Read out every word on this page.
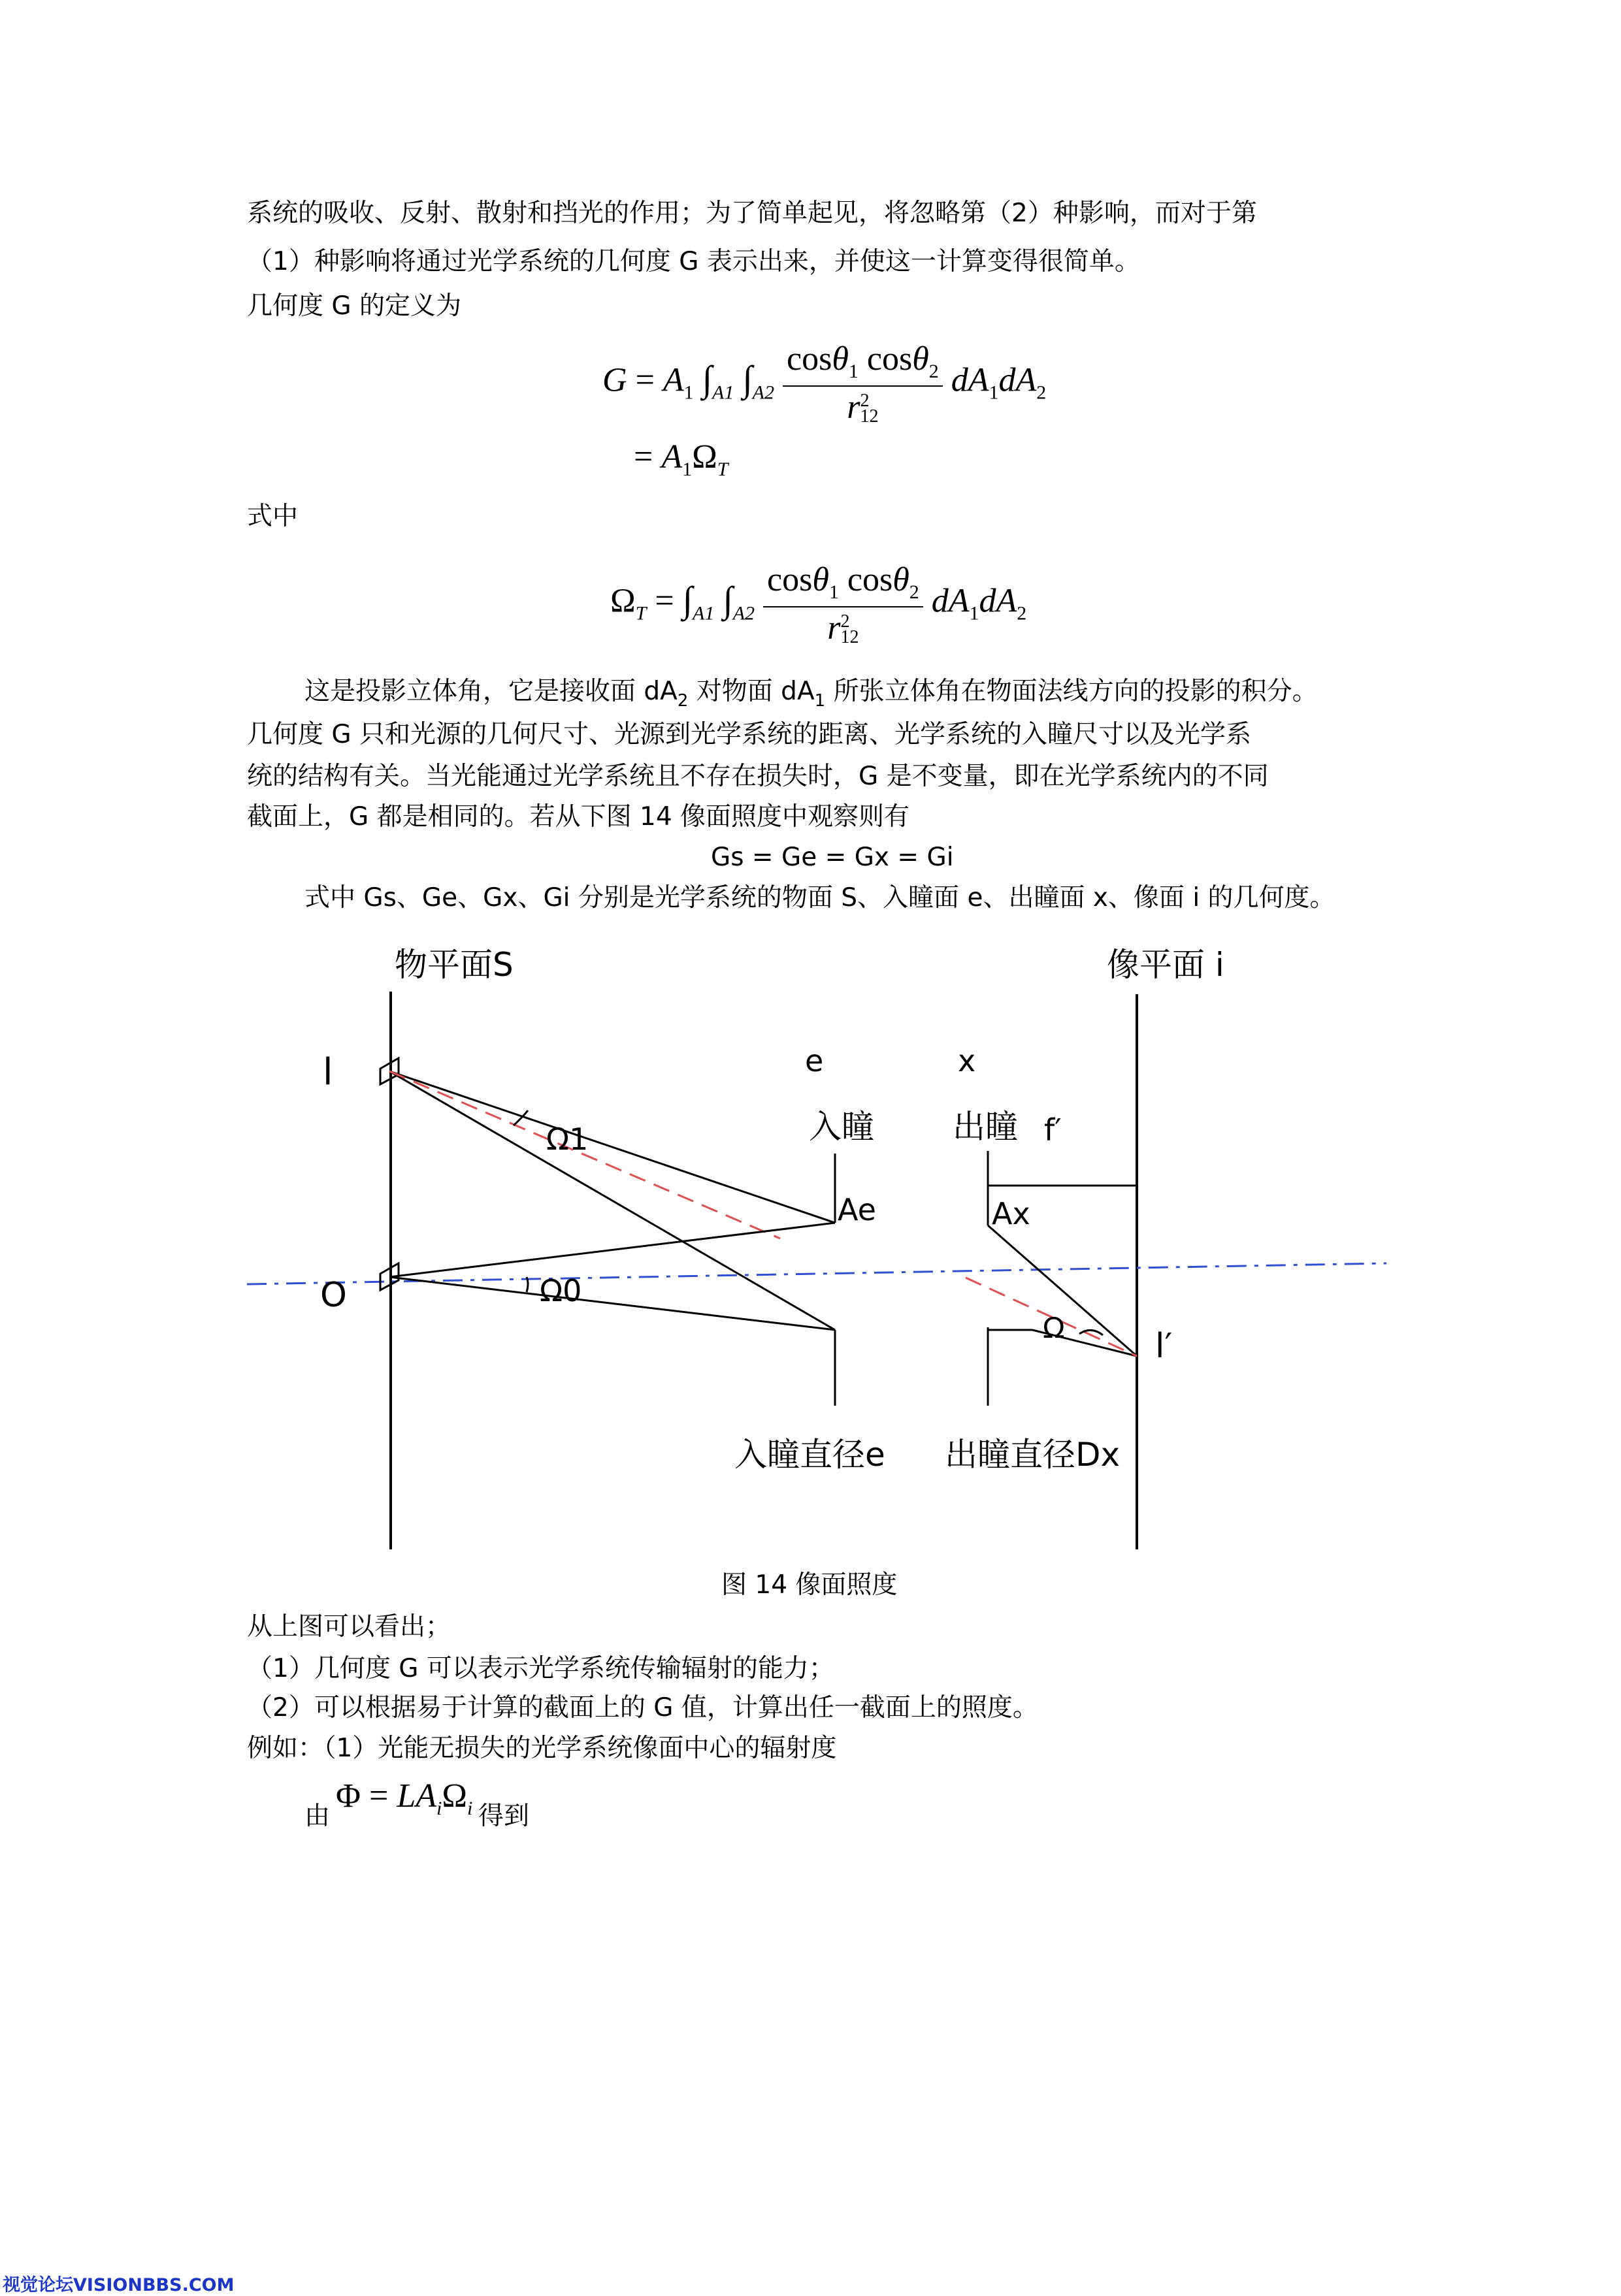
系统的吸收、反射、散射和挡光的作用；为了简单起见，将忽略第（2）种影响，而对于第
（1）种影响将通过光学系统的几何度 G 表示出来，并使这一计算变得很简单。
几何度 G 的定义为
$G = A_1$ $\int_{A1}$ $\int_{A2}$ cosθ$_1$ cosθ$_2$
r 2
12 $dA_1dA_2$
= $A_1\Omega_T$
式中
$\Omega_T = \int_{A1}$ $\int_{A2}$ cosθ$_1$ cosθ$_2$
r 2
12 $dA_1dA_2$
这是投影立体角，它是接收面 $dA_2$ 对物面 $dA_1$ 所张立体角在物面法线方向的投影的积分。
几何度 G 只和光源的几何尺寸、光源到光学系统的距离、光学系统的入瞳尺寸以及光学系
统的结构有关。当光能通过光学系统且不存在损失时，G 是不变量，即在光学系统内的不同
截面上，G 都是相同的。若从下图 14 像面照度中观察则有
Gs = Ge = Gx = Gi
式中 Gs、Ge、Gx、Gi 分别是光学系统的物面 S、入瞳面 e、出瞳面 x、像面 i 的几何度。
物平面S	像平面 i
l
O
e	x
入瞳 出瞳 f′
Ae	Ax
Ω1
Ω0
Ω	l′
入瞳直径e 出瞳直径Dx
图 14 像面照度
从上图可以看出；
（1）几何度 G 可以表示光学系统传输辐射的能力；
（2）可以根据易于计算的截面上的 G 值，计算出任一截面上的照度。
例如：（1）光能无损失的光学系统像面中心的辐射度
由
$\Phi = LA_i\Omega_i$ 得到
视觉论坛VISIONBBS.COM
